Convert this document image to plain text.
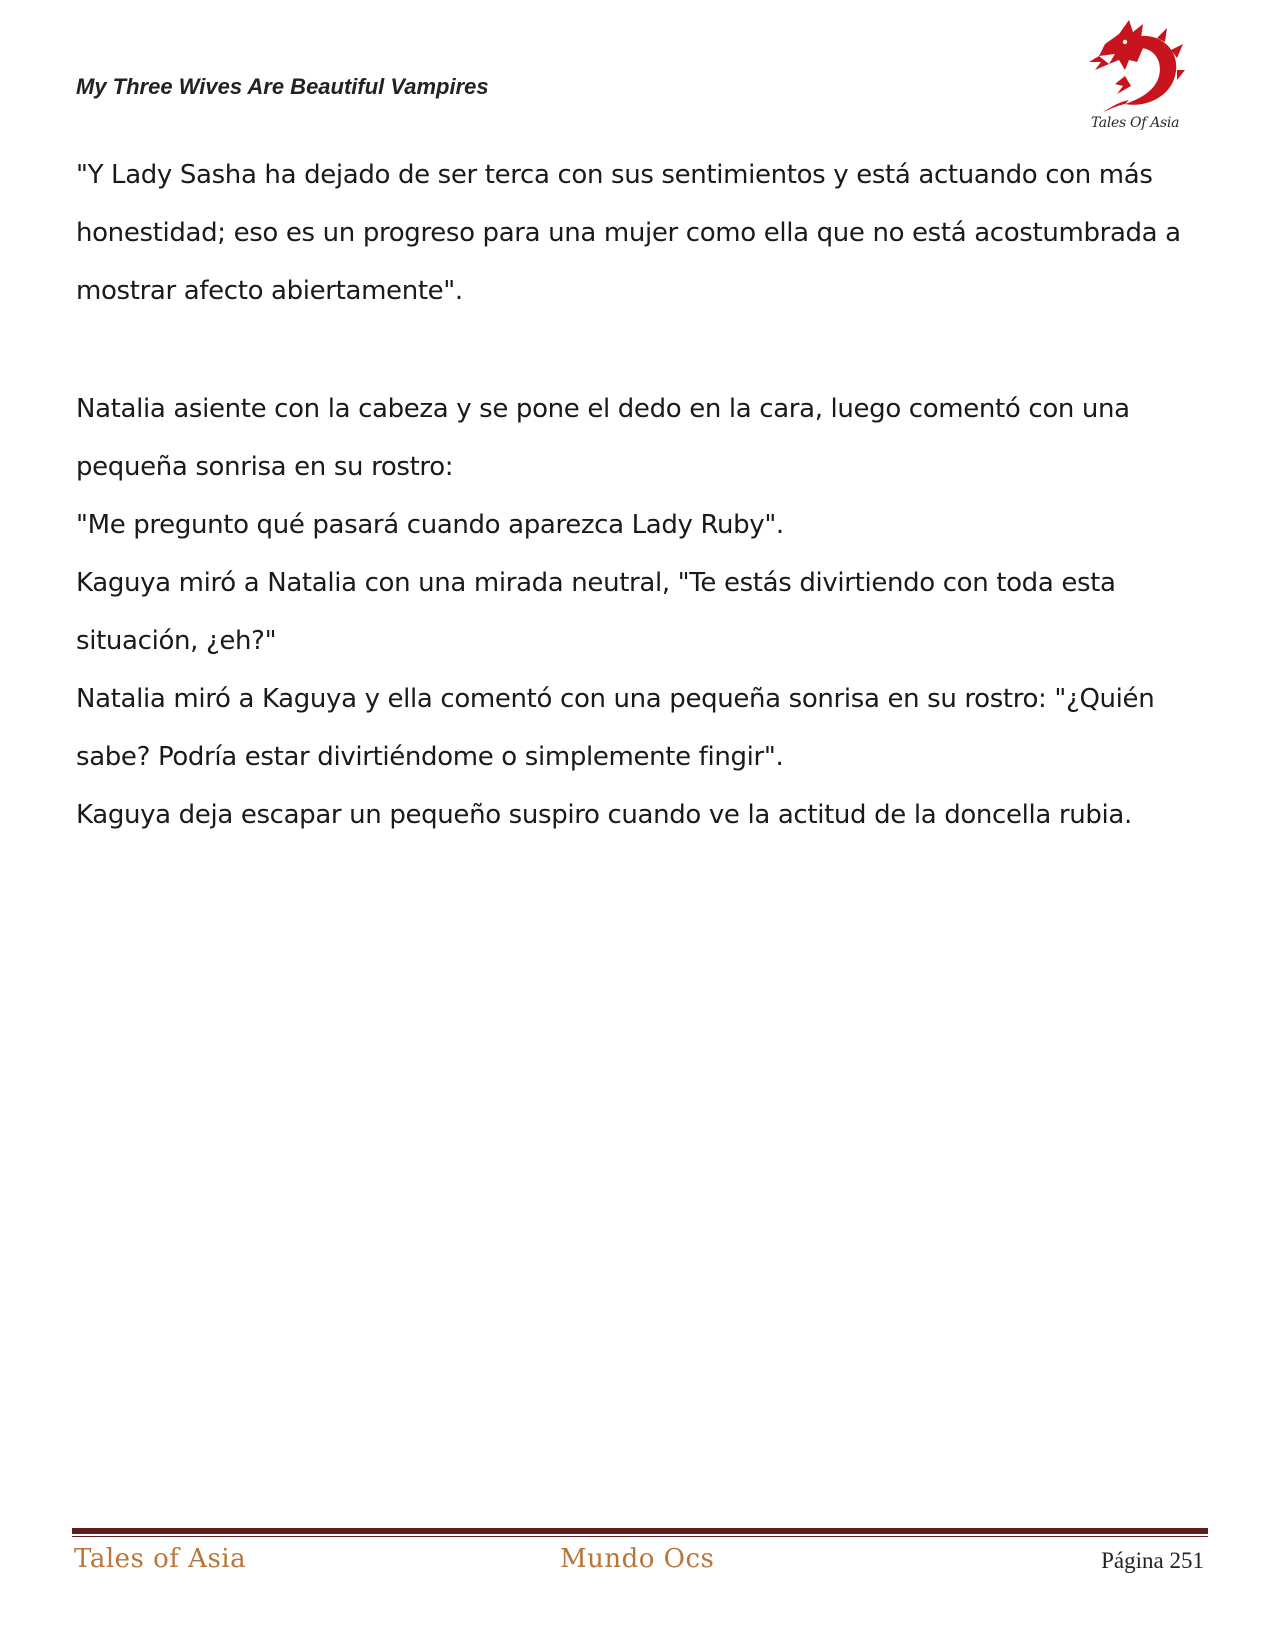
My Three Wives Are Beautiful Vampires
Tales Of Asia

"Y Lady Sasha ha dejado de ser terca con sus sentimientos y está actuando con más honestidad; eso es un progreso para una mujer como ella que no está acostumbrada a mostrar afecto abiertamente".

Natalia asiente con la cabeza y se pone el dedo en la cara, luego comentó con una pequeña sonrisa en su rostro:

"Me pregunto qué pasará cuando aparezca Lady Ruby".

Kaguya miró a Natalia con una mirada neutral, "Te estás divirtiendo con toda esta situación, ¿eh?"

Natalia miró a Kaguya y ella comentó con una pequeña sonrisa en su rostro: "¿Quién sabe? Podría estar divirtiéndome o simplemente fingir".

Kaguya deja escapar un pequeño suspiro cuando ve la actitud de la doncella rubia.

Tales of Asia	Mundo Ocs	Página 251
